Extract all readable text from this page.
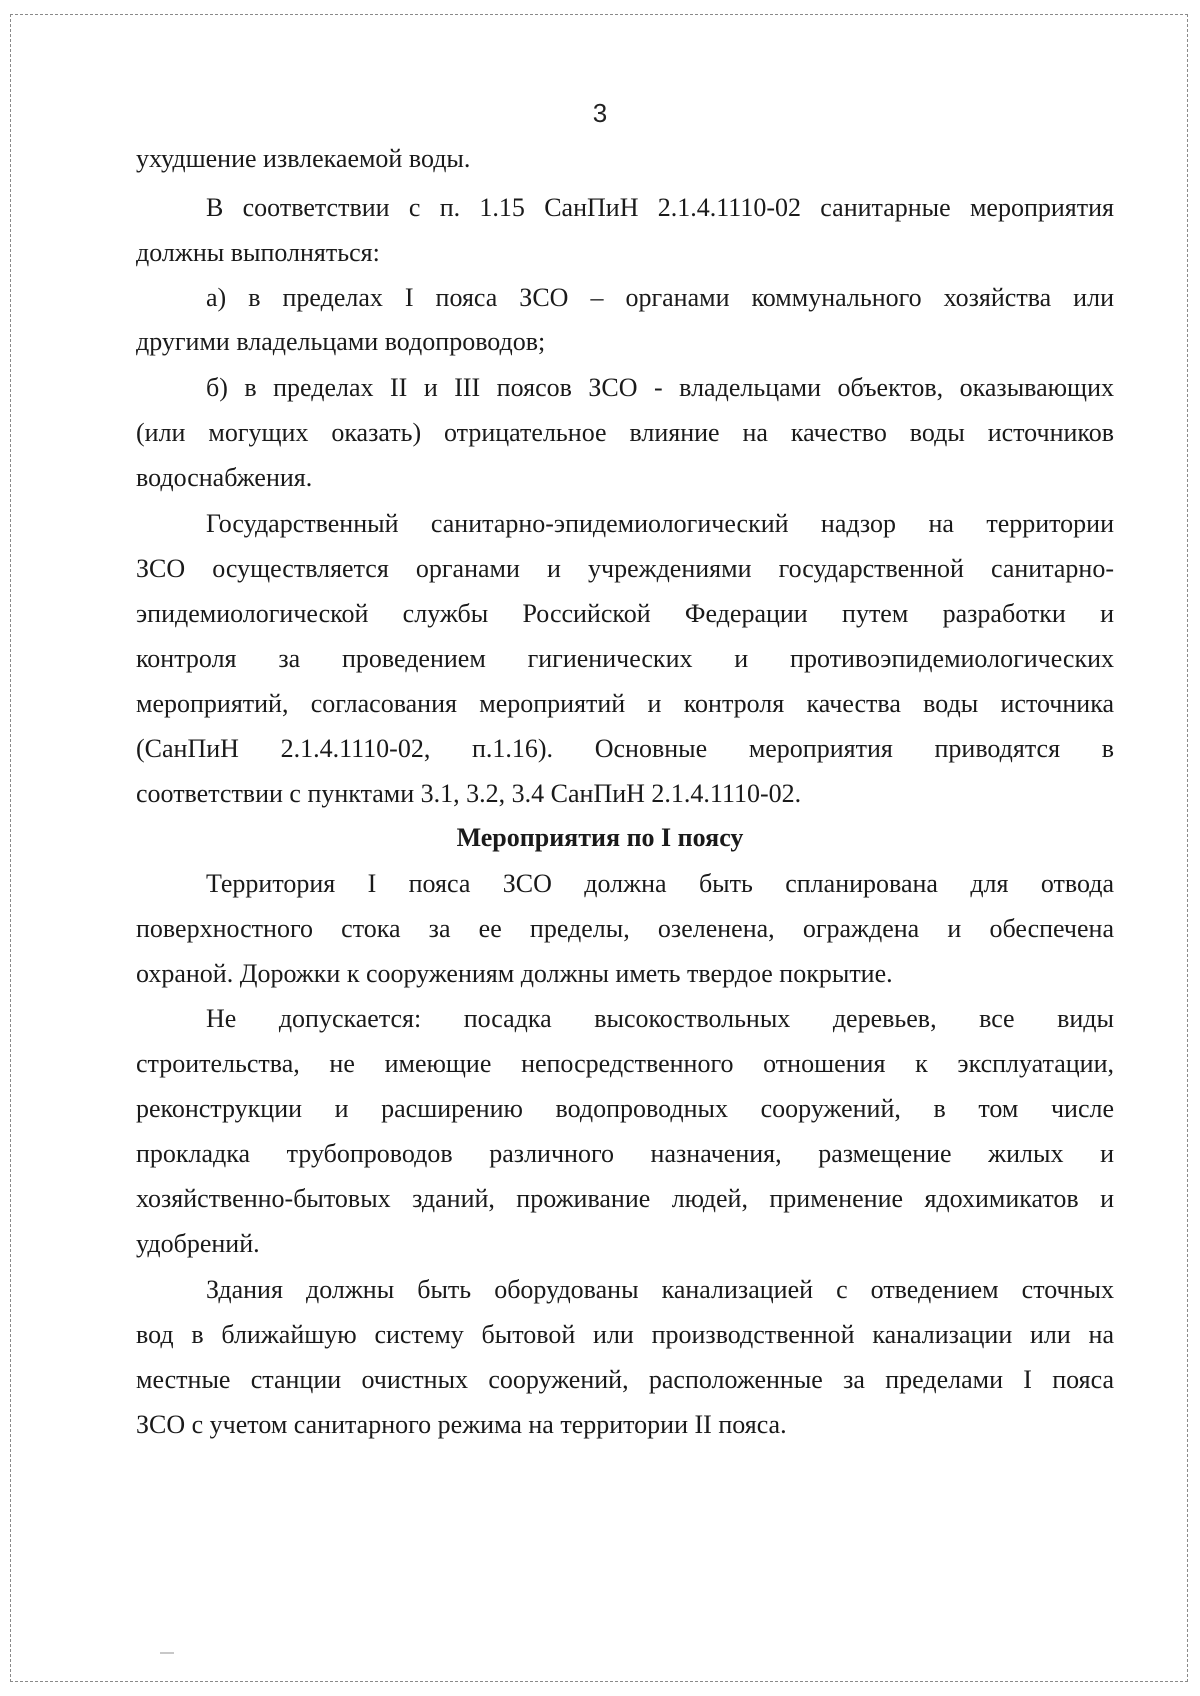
3
ухудшение извлекаемой воды.
В соответствии с п. 1.15 СанПиН 2.1.4.1110-02 санитарные мероприятия
должны выполняться:
а) в пределах I пояса ЗСО – органами коммунального хозяйства или
другими владельцами водопроводов;
б) в пределах II и III поясов ЗСО - владельцами объектов, оказывающих
(или могущих оказать) отрицательное влияние на качество воды источников
водоснабжения.
Государственный санитарно-эпидемиологический надзор на территории
ЗСО осуществляется органами и учреждениями государственной санитарно-
эпидемиологической службы Российской Федерации путем разработки и
контроля за проведением гигиенических и противоэпидемиологических
мероприятий, согласования мероприятий и контроля качества воды источника
(СанПиН 2.1.4.1110-02, п.1.16). Основные мероприятия приводятся в
соответствии с пунктами 3.1, 3.2, 3.4 СанПиН 2.1.4.1110-02.
Мероприятия по I поясу
Территория I пояса ЗСО должна быть спланирована для отвода
поверхностного стока за ее пределы, озеленена, ограждена и обеспечена
охраной. Дорожки к сооружениям должны иметь твердое покрытие.
Не допускается: посадка высокоствольных деревьев, все виды
строительства, не имеющие непосредственного отношения к эксплуатации,
реконструкции и расширению водопроводных сооружений, в том числе
прокладка трубопроводов различного назначения, размещение жилых и
хозяйственно-бытовых зданий, проживание людей, применение ядохимикатов и
удобрений.
Здания должны быть оборудованы канализацией с отведением сточных
вод в ближайшую систему бытовой или производственной канализации или на
местные станции очистных сооружений, расположенные за пределами I пояса
ЗСО с учетом санитарного режима на территории II пояса.
